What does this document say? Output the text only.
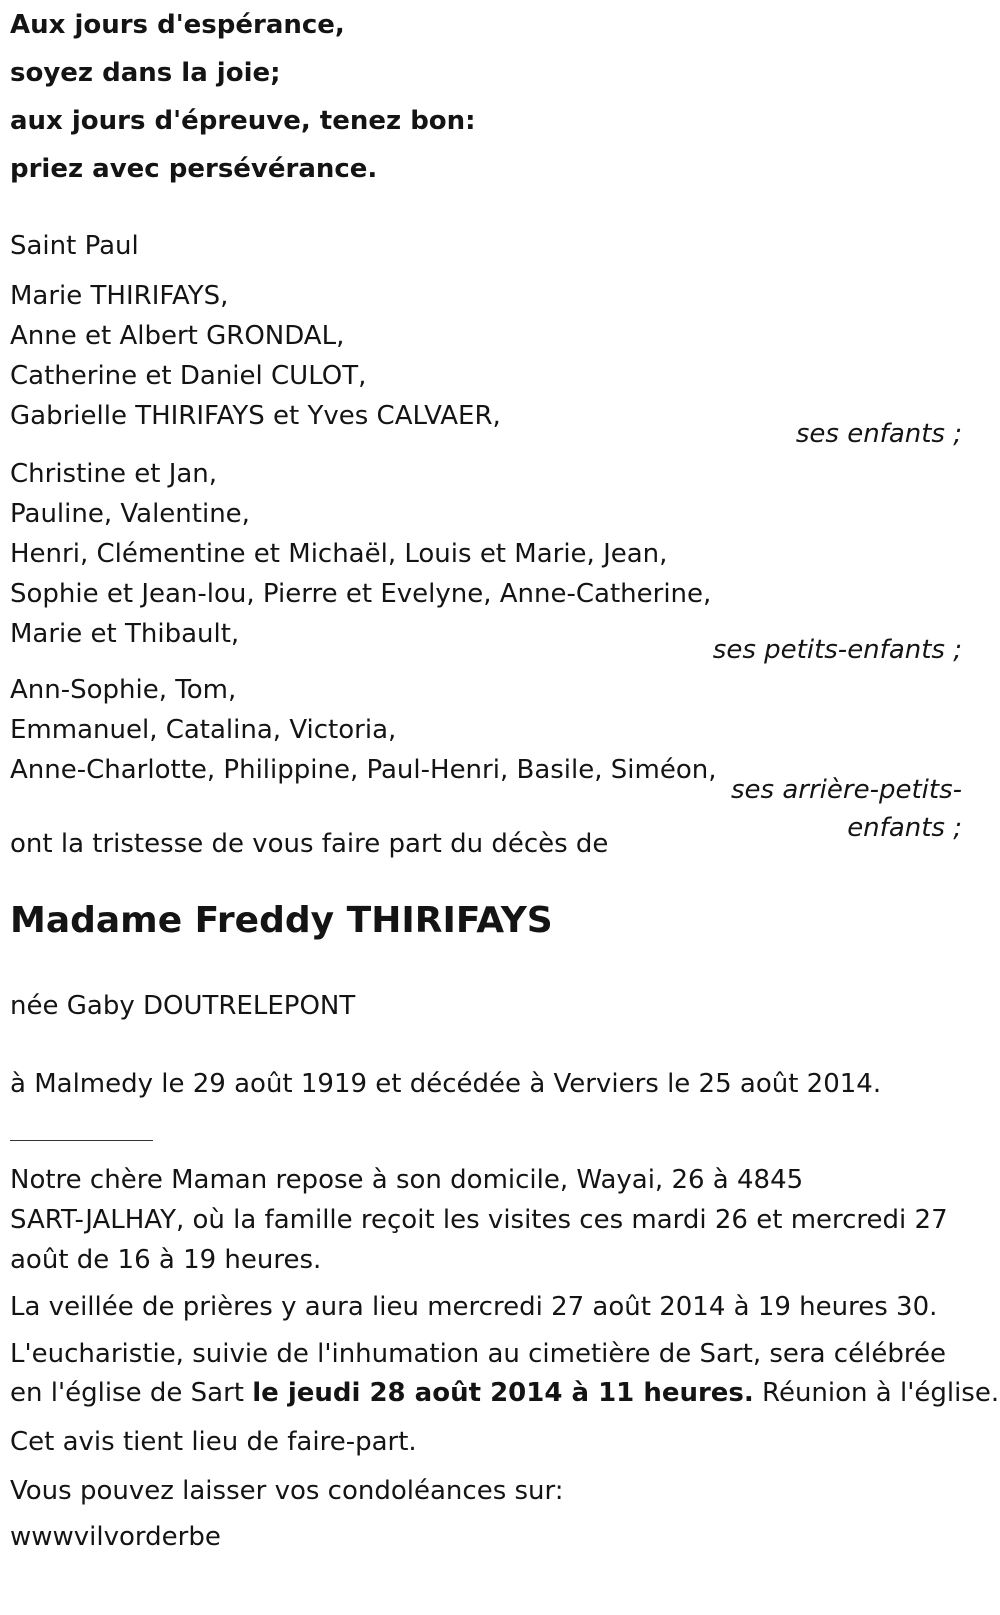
Aux jours d'espérance,
soyez dans la joie;
aux jours d'épreuve, tenez bon:
priez avec persévérance.
Saint Paul
Marie THIRIFAYS,
Anne et Albert GRONDAL,
Catherine et Daniel CULOT,
Gabrielle THIRIFAYS et Yves CALVAER,
ses enfants ;
Christine et Jan,
Pauline, Valentine,
Henri, Clémentine et Michaël, Louis et Marie, Jean,
Sophie et Jean-lou, Pierre et Evelyne, Anne-Catherine,
Marie et Thibault,
ses petits-enfants ;
Ann-Sophie, Tom,
Emmanuel, Catalina, Victoria,
Anne-Charlotte, Philippine, Paul-Henri, Basile, Siméon,
ses arrière-petits-
enfants ;
ont la tristesse de vous faire part du décès de
Madame Freddy THIRIFAYS
née Gaby DOUTRELEPONT
à Malmedy le 29 août 1919 et décédée à Verviers le 25 août 2014.
Notre chère Maman repose à son domicile, Wayai, 26 à 4845
SART-JALHAY, où la famille reçoit les visites ces mardi 26 et mercredi 27
août de 16 à 19 heures.
La veillée de prières y aura lieu mercredi 27 août 2014 à 19 heures 30.
L'eucharistie, suivie de l'inhumation au cimetière de Sart, sera célébrée
en l'église de Sart le jeudi 28 août 2014 à 11 heures. Réunion à l'église.
Cet avis tient lieu de faire-part.
Vous pouvez laisser vos condoléances sur:
wwwvilvorderbe
